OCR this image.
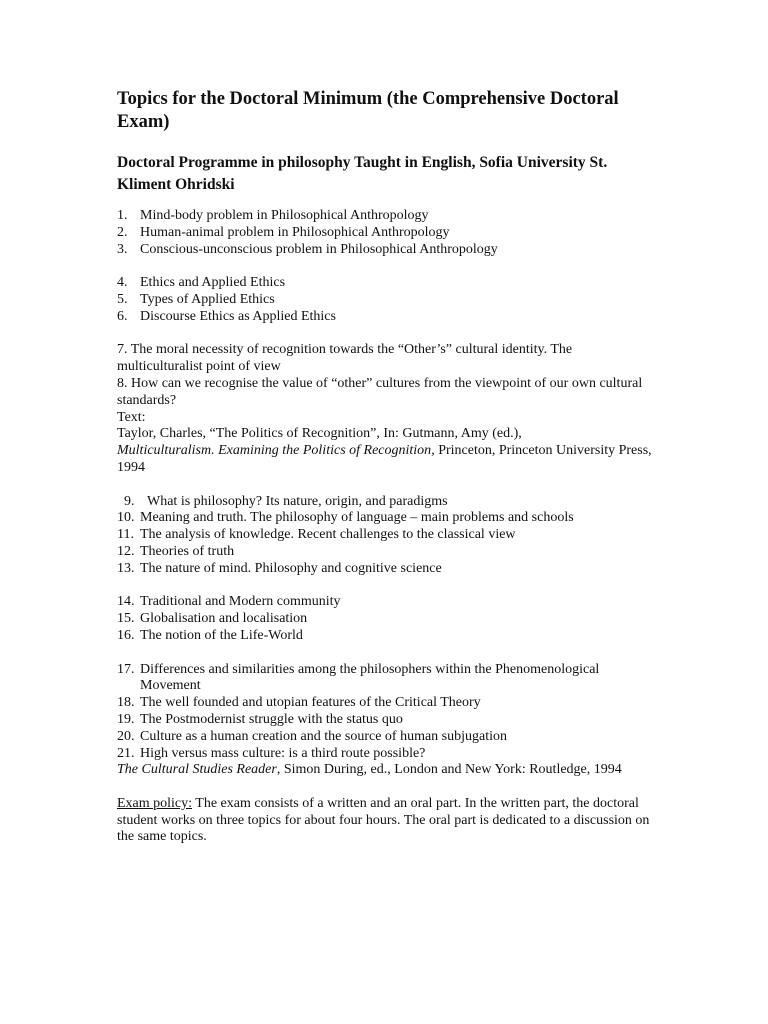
Topics for the Doctoral Minimum (the Comprehensive Doctoral Exam)

Doctoral Programme in philosophy Taught in English, Sofia University St. Kliment Ohridski

1. Mind-body problem in Philosophical Anthropology
2. Human-animal problem in Philosophical Anthropology
3. Conscious-unconscious problem in Philosophical Anthropology
4. Ethics and Applied Ethics
5. Types of Applied Ethics
6. Discourse Ethics as Applied Ethics

7. The moral necessity of recognition towards the “Other’s” cultural identity. The multiculturalist point of view

8. How can we recognise the value of “other” cultures from the viewpoint of our own cultural standards?

Text:

Taylor, Charles, “The Politics of Recognition”, In: Gutmann, Amy (ed.),
Multiculturalism. Examining the Politics of Recognition, Princeton, Princeton University Press, 1994

9. What is philosophy? Its nature, origin, and paradigms
10. Meaning and truth. The philosophy of language – main problems and schools
11. The analysis of knowledge. Recent challenges to the classical view
12. Theories of truth
13. The nature of mind. Philosophy and cognitive science
14. Traditional and Modern community
15. Globalisation and localisation
16. The notion of the Life-World
17. Differences and similarities among the philosophers within the Phenomenological Movement
18. The well founded and utopian features of the Critical Theory
19. The Postmodernist struggle with the status quo
20. Culture as a human creation and the source of human subjugation
21. High versus mass culture: is a third route possible?

The Cultural Studies Reader, Simon During, ed., London and New York: Routledge, 1994

Exam policy: The exam consists of a written and an oral part. In the written part, the doctoral student works on three topics for about four hours. The oral part is dedicated to a discussion on the same topics.
